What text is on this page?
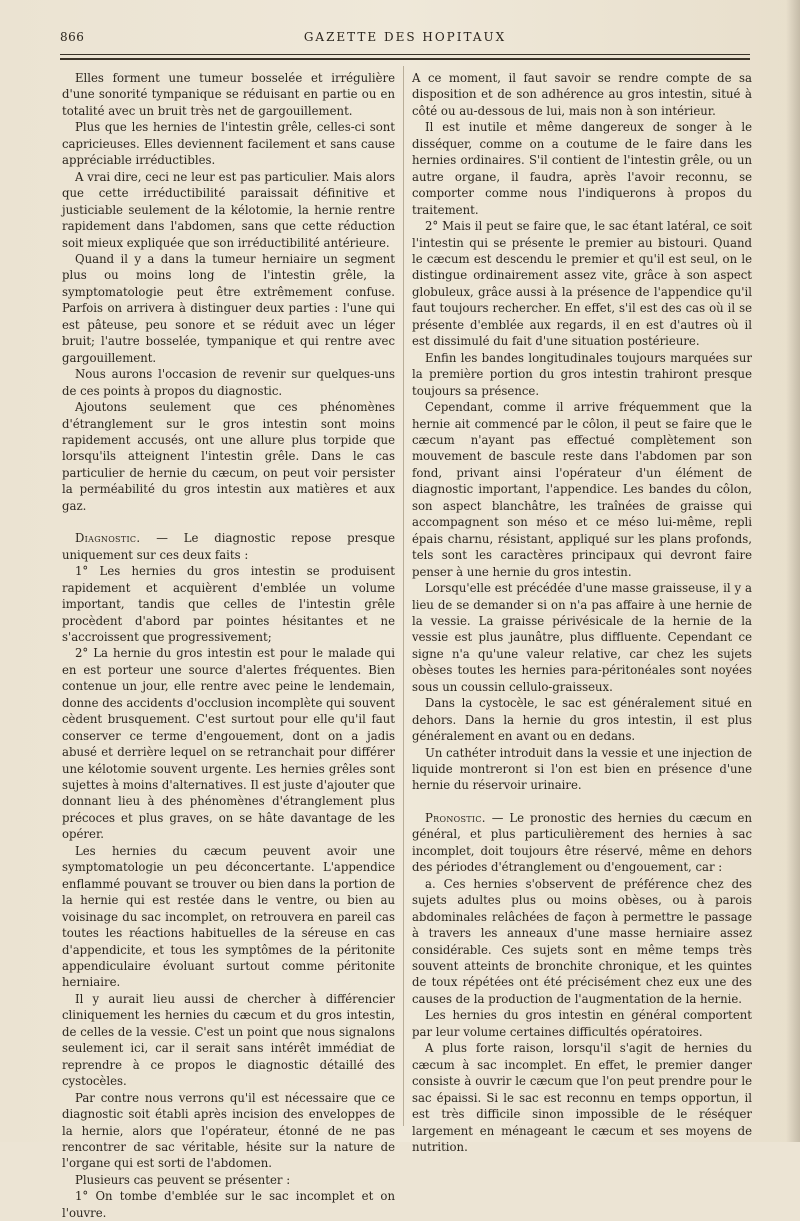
866	GAZETTE DES HOPITAUX

Elles forment une tumeur bosselée et irrégulière d'une sonorité tympanique se réduisant en partie ou en totalité avec un bruit très net de gargouillement.

Plus que les hernies de l'intestin grêle, celles-ci sont capricieuses. Elles deviennent facilement et sans cause appréciable irréductibles.

A vrai dire, ceci ne leur est pas particulier. Mais alors que cette irréductibilité paraissait définitive et justiciable seulement de la kélotomie, la hernie rentre rapidement dans l'abdomen, sans que cette réduction soit mieux expliquée que son irréductibilité antérieure.

Quand il y a dans la tumeur herniaire un segment plus ou moins long de l'intestin grêle, la symptomatologie peut être extrêmement confuse. Parfois on arrivera à distinguer deux parties : l'une qui est pâteuse, peu sonore et se réduit avec un léger bruit; l'autre bosselée, tympanique et qui rentre avec gargouillement.

Nous aurons l'occasion de revenir sur quelques-uns de ces points à propos du diagnostic.

Ajoutons seulement que ces phénomènes d'étranglement sur le gros intestin sont moins rapidement accusés, ont une allure plus torpide que lorsqu'ils atteignent l'intestin grêle. Dans le cas particulier de hernie du cæcum, on peut voir persister la perméabilité du gros intestin aux matières et aux gaz.

Diagnostic. — Le diagnostic repose presque uniquement sur ces deux faits :

1° Les hernies du gros intestin se produisent rapidement et acquièrent d'emblée un volume important, tandis que celles de l'intestin grêle procèdent d'abord par pointes hésitantes et ne s'accroissent que progressivement;

2° La hernie du gros intestin est pour le malade qui en est porteur une source d'alertes fréquentes. Bien contenue un jour, elle rentre avec peine le lendemain, donne des accidents d'occlusion incomplète qui souvent cèdent brusquement. C'est surtout pour elle qu'il faut conserver ce terme d'engouement, dont on a jadis abusé et derrière lequel on se retranchait pour différer une kélotomie souvent urgente. Les hernies grêles sont sujettes à moins d'alternatives. Il est juste d'ajouter que donnant lieu à des phénomènes d'étranglement plus précoces et plus graves, on se hâte davantage de les opérer.

Les hernies du cæcum peuvent avoir une symptomatologie un peu déconcertante. L'appendice enflammé pouvant se trouver ou bien dans la portion de la hernie qui est restée dans le ventre, ou bien au voisinage du sac incomplet, on retrouvera en pareil cas toutes les réactions habituelles de la séreuse en cas d'appendicite, et tous les symptômes de la péritonite appendiculaire évoluant surtout comme péritonite herniaire.

Il y aurait lieu aussi de chercher à différencier cliniquement les hernies du cæcum et du gros intestin, de celles de la vessie. C'est un point que nous signalons seulement ici, car il serait sans intérêt immédiat de reprendre à ce propos le diagnostic détaillé des cystocèles.

Par contre nous verrons qu'il est nécessaire que ce diagnostic soit établi après incision des enveloppes de la hernie, alors que l'opérateur, étonné de ne pas rencontrer de sac véritable, hésite sur la nature de l'organe qui est sorti de l'abdomen.

Plusieurs cas peuvent se présenter :

1° On tombe d'emblée sur le sac incomplet et on l'ouvre.

A ce moment, il faut savoir se rendre compte de sa disposition et de son adhérence au gros intestin, situé à côté ou au-dessous de lui, mais non à son intérieur.

Il est inutile et même dangereux de songer à le disséquer, comme on a coutume de le faire dans les hernies ordinaires. S'il contient de l'intestin grêle, ou un autre organe, il faudra, après l'avoir reconnu, se comporter comme nous l'indiquerons à propos du traitement.

2° Mais il peut se faire que, le sac étant latéral, ce soit l'intestin qui se présente le premier au bistouri. Quand le cæcum est descendu le premier et qu'il est seul, on le distingue ordinairement assez vite, grâce à son aspect globuleux, grâce aussi à la présence de l'appendice qu'il faut toujours rechercher. En effet, s'il est des cas où il se présente d'emblée aux regards, il en est d'autres où il est dissimulé du fait d'une situation postérieure.

Enfin les bandes longitudinales toujours marquées sur la première portion du gros intestin trahiront presque toujours sa présence.

Cependant, comme il arrive fréquemment que la hernie ait commencé par le côlon, il peut se faire que le cæcum n'ayant pas effectué complètement son mouvement de bascule reste dans l'abdomen par son fond, privant ainsi l'opérateur d'un élément de diagnostic important, l'appendice. Les bandes du côlon, son aspect blanchâtre, les traînées de graisse qui accompagnent son méso et ce méso lui-même, repli épais charnu, résistant, appliqué sur les plans profonds, tels sont les caractères principaux qui devront faire penser à une hernie du gros intestin.

Lorsqu'elle est précédée d'une masse graisseuse, il y a lieu de se demander si on n'a pas affaire à une hernie de la vessie. La graisse périvésicale de la hernie de la vessie est plus jaunâtre, plus diffluente. Cependant ce signe n'a qu'une valeur relative, car chez les sujets obèses toutes les hernies para-péritonéales sont noyées sous un coussin cellulo-graisseux.

Dans la cystocèle, le sac est généralement situé en dehors. Dans la hernie du gros intestin, il est plus généralement en avant ou en dedans.

Un cathéter introduit dans la vessie et une injection de liquide montreront si l'on est bien en présence d'une hernie du réservoir urinaire.

Pronostic. — Le pronostic des hernies du cæcum en général, et plus particulièrement des hernies à sac incomplet, doit toujours être réservé, même en dehors des périodes d'étranglement ou d'engouement, car :

a. Ces hernies s'observent de préférence chez des sujets adultes plus ou moins obèses, ou à parois abdominales relâchées de façon à permettre le passage à travers les anneaux d'une masse herniaire assez considérable. Ces sujets sont en même temps très souvent atteints de bronchite chronique, et les quintes de toux répétées ont été précisément chez eux une des causes de la production de l'augmentation de la hernie.

Les hernies du gros intestin en général comportent par leur volume certaines difficultés opératoires.

A plus forte raison, lorsqu'il s'agit de hernies du cæcum à sac incomplet. En effet, le premier danger consiste à ouvrir le cæcum que l'on peut prendre pour le sac épaissi. Si le sac est reconnu en temps opportun, il est très difficile sinon impossible de le réséquer largement en ménageant le cæcum et ses moyens de nutrition.
